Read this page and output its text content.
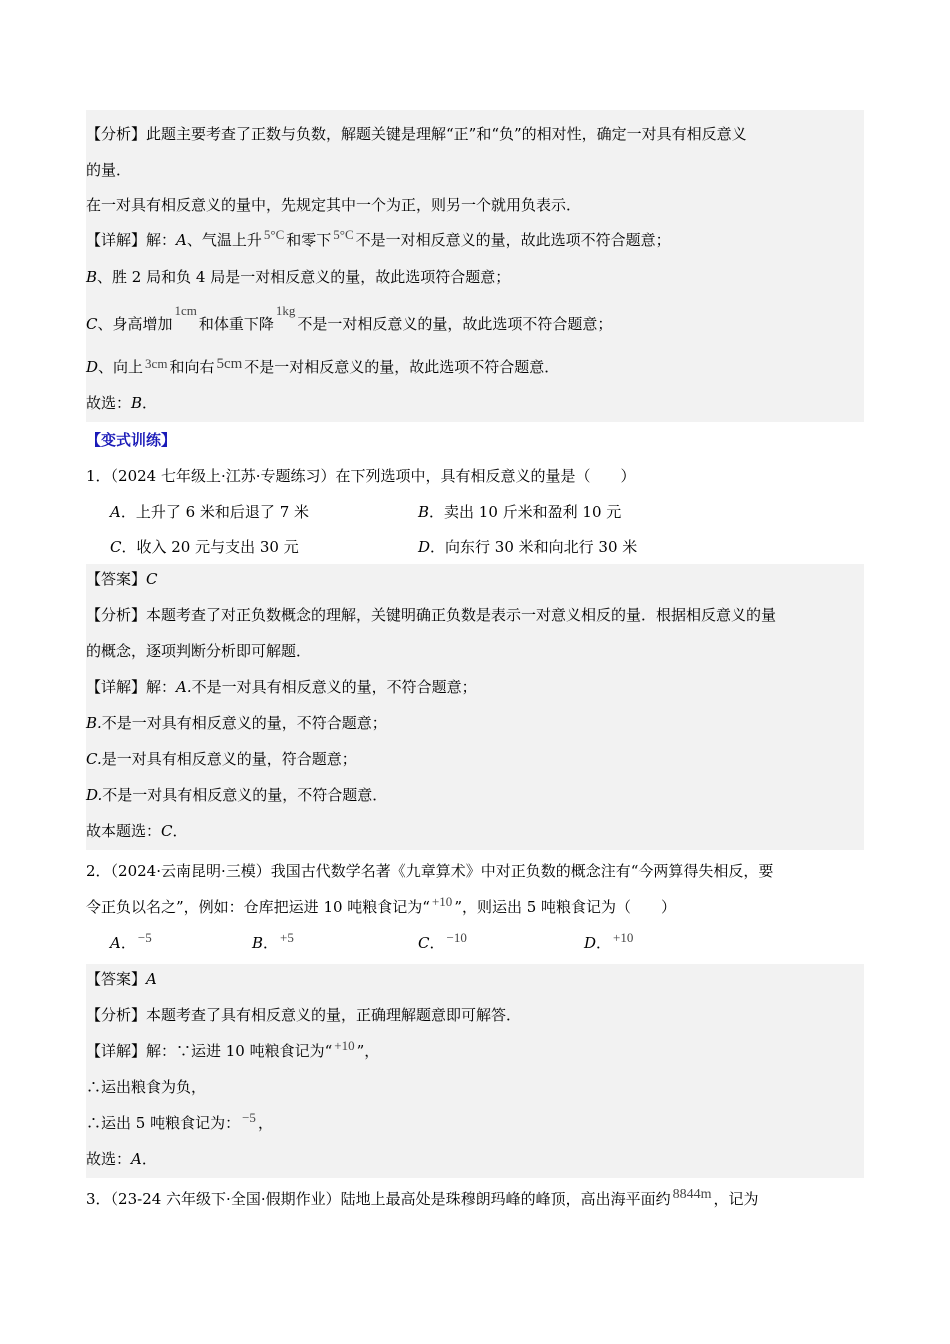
【分析】此题主要考查了正数与负数，解题关键是理解“正”和“负”的相对性，确定一对具有相反意义
的量．
在一对具有相反意义的量中，先规定其中一个为正，则另一个就用负表示．
【详解】解：A、气温上升 5°C 和零下 5°C 不是一对相反意义的量，故此选项不符合题意；
B、胜 2 局和负 4 局是一对相反意义的量，故此选项符合题意；
C、身高增加1cm和体重下降1kg不是一对相反意义的量，故此选项不符合题意；
D、向上 3cm 和向右 5cm 不是一对相反意义的量，故此选项不符合题意．
故选：B．
【变式训练】
1．（2024 七年级上·江苏·专题练习）在下列选项中，具有相反意义的量是（　　）
A．上升了 6 米和后退了 7 米	B．卖出 10 斤米和盈利 10 元
C．收入 20 元与支出 30 元	D．向东行 30 米和向北行 30 米
【答案】C
【分析】本题考查了对正负数概念的理解，关键明确正负数是表示一对意义相反的量．根据相反意义的量
的概念，逐项判断分析即可解题．
【详解】解：A.不是一对具有相反意义的量，不符合题意；
B.不是一对具有相反意义的量，不符合题意；
C.是一对具有相反意义的量，符合题意；
D.不是一对具有相反意义的量，不符合题意．
故本题选：C．
2．（2024·云南昆明·三模）我国古代数学名著《九章算术》中对正负数的概念注有“今两算得失相反，要
令正负以名之”，例如：仓库把运进 10 吨粮食记为“ +10 ”，则运出 5 吨粮食记为（　　）
A． −5	B． +5	C． −10	D． +10
【答案】A
【分析】本题考查了具有相反意义的量，正确理解题意即可解答．
【详解】解：∵运进 10 吨粮食记为“ +10 ”，
∴运出粮食为负，
∴运出 5 吨粮食记为： −5 ，
故选：A．
3．（23-24 六年级下·全国·假期作业）陆地上最高处是珠穆朗玛峰的峰顶，高出海平面约 8844m ，记为
